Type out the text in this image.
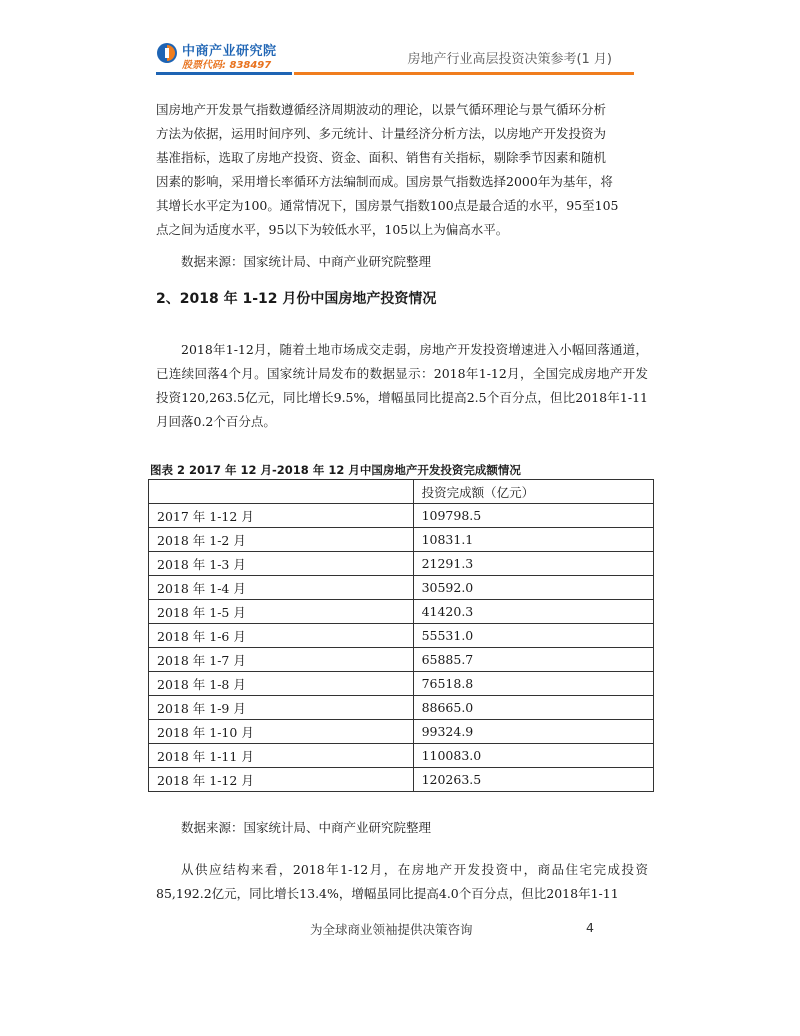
中商产业研究院
股票代码: 838497	房地产行业高层投资决策参考(1 月)
国房地产开发景气指数遵循经济周期波动的理论，以景气循环理论与景气循环分析
方法为依据，运用时间序列、多元统计、计量经济分析方法，以房地产开发投资为
基准指标，选取了房地产投资、资金、面积、销售有关指标，剔除季节因素和随机
因素的影响，采用增长率循环方法编制而成。国房景气指数选择2000年为基年，将
其增长水平定为100。通常情况下，国房景气指数100点是最合适的水平，95至105
点之间为适度水平，95以下为较低水平，105以上为偏高水平。
数据来源：国家统计局、中商产业研究院整理
2、2018 年 1-12 月份中国房地产投资情况

2018年1-12月，随着土地市场成交走弱，房地产开发投资增速进入小幅回落通道，已连续回落4个月。国家统计局发布的数据显示：2018年1-12月，全国完成房地产开发投资120,263.5亿元，同比增长9.5%，增幅虽同比提高2.5个百分点，但比2018年1-11月回落0.2个百分点。

图表 2 2017 年 12 月-2018 年 12 月中国房地产开发投资完成额情况
	投资完成额（亿元）
2017 年 1-12 月	109798.5
2018 年 1-2 月	10831.1
2018 年 1-3 月	21291.3
2018 年 1-4 月	30592.0
2018 年 1-5 月	41420.3
2018 年 1-6 月	55531.0
2018 年 1-7 月	65885.7
2018 年 1-8 月	76518.8
2018 年 1-9 月	88665.0
2018 年 1-10 月	99324.9
2018 年 1-11 月	110083.0
2018 年 1-12 月	120263.5
数据来源：国家统计局、中商产业研究院整理

从供应结构来看，2018年1-12月，在房地产开发投资中，商品住宅完成投资85,192.2亿元，同比增长13.4%，增幅虽同比提高4.0个百分点，但比2018年1-11

为全球商业领袖提供决策咨询	4
